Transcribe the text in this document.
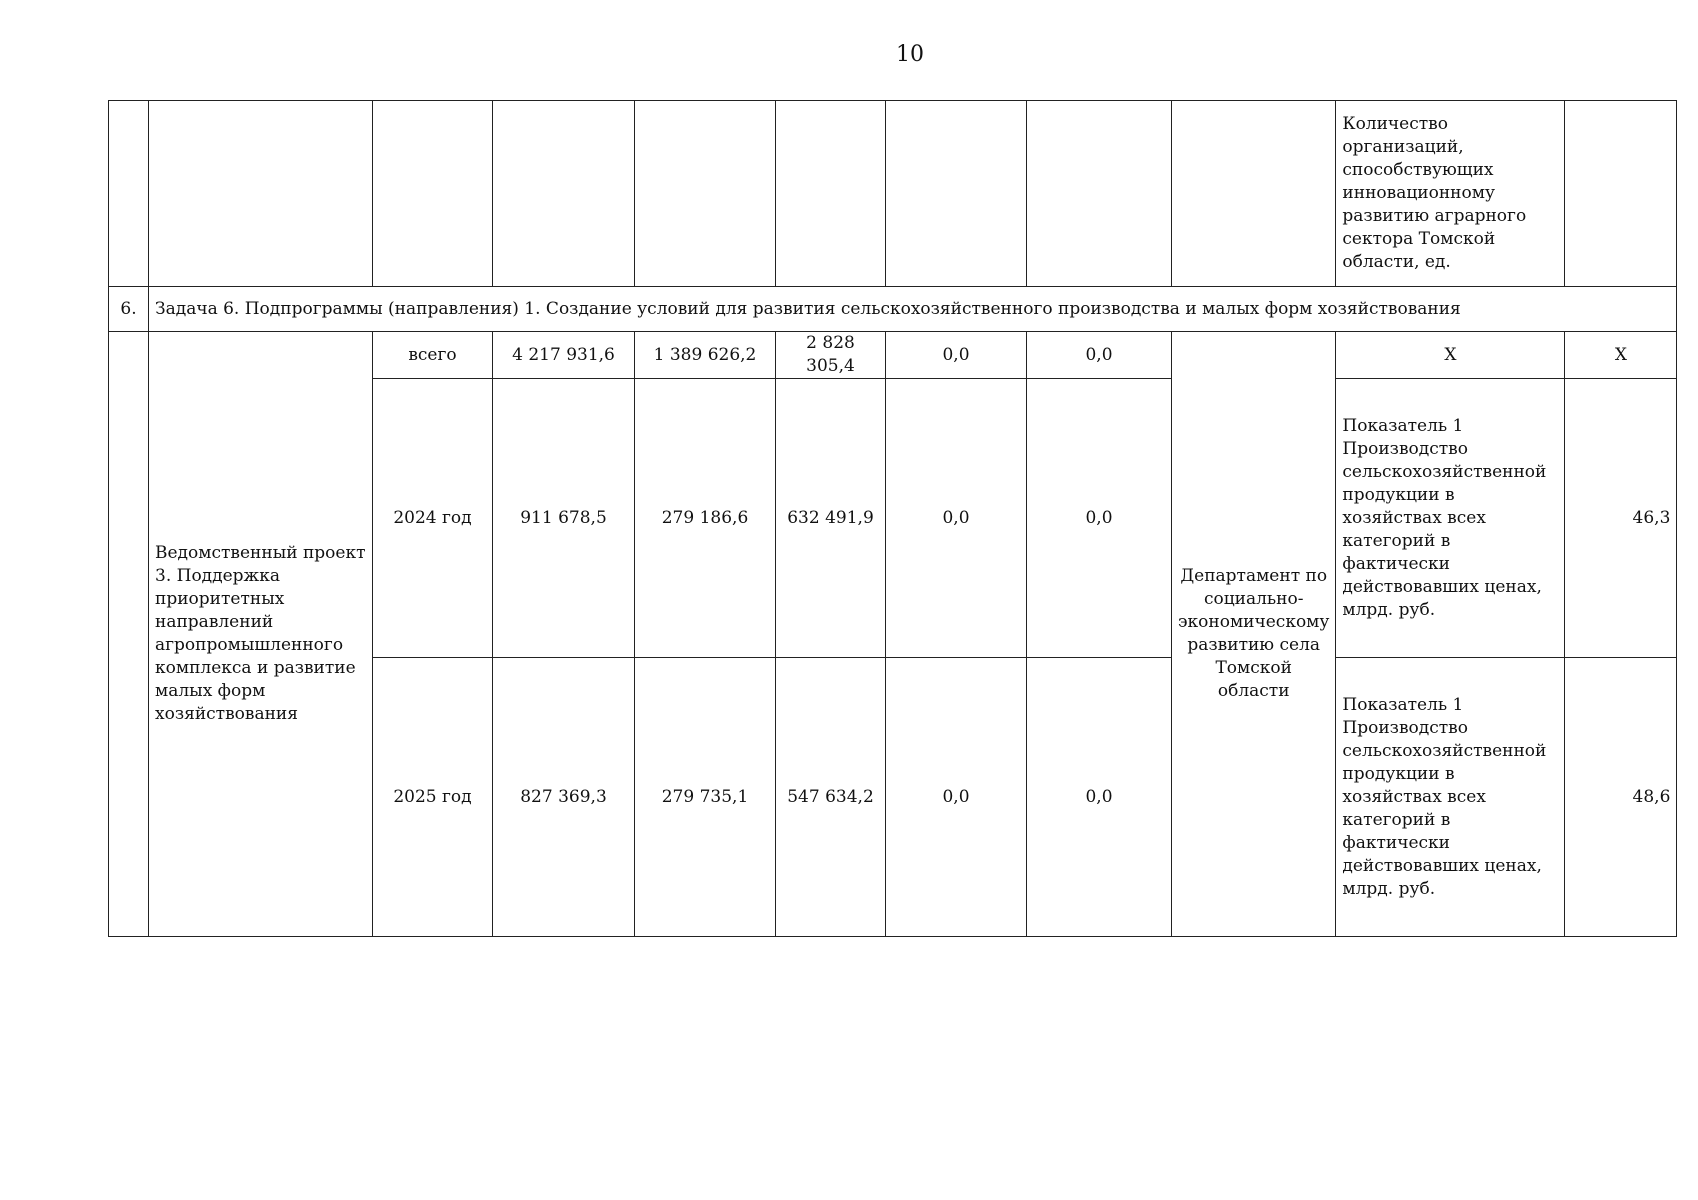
10
									Количество организаций, способствующих инновационному развитию аграрного сектора Томской области, ед.	
6.	Задача 6. Подпрограммы (направления) 1. Создание условий для развития сельскохозяйственного производства и малых форм хозяйствования									
	Ведомственный проект 3. Поддержка приоритетных направлений агропромышленного комплекса и развитие малых форм хозяйствования	всего	4 217 931,6	1 389 626,2	2 828 305,4	0,0	0,0	Департамент по социально-экономическому развитию села Томской области	Х	Х
		2024 год	911 678,5	279 186,6	632 491,9	0,0	0,0		Показатель 1 Производство сельскохозяйственной продукции в хозяйствах всех категорий в фактически действовавших ценах, млрд. руб.	46,3
		2025 год	827 369,3	279 735,1	547 634,2	0,0	0,0		Показатель 1 Производство сельскохозяйственной продукции в хозяйствах всех категорий в фактически действовавших ценах, млрд. руб.	48,6
